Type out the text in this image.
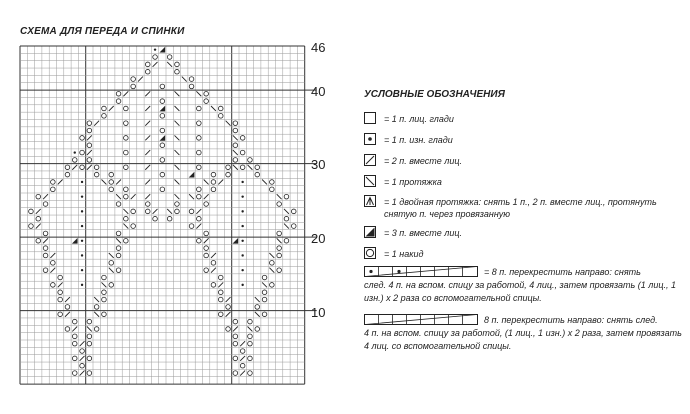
СХЕМА ДЛЯ ПЕРЕДА И СПИНКИ
46
40
30
20
10
УСЛОВНЫЕ ОБОЗНАЧЕНИЯ
= 1 п. лиц. глади
= 1 п. изн. глади
= 2 п. вместе лиц.
= 1 протяжка
= 1 двойная протяжка: снять 1 п., 2 п. вместе лиц., протянуть снятую п. через провязанную
= 3 п. вместе лиц.
= 1 накид
= 8 п. перекрестить направо: снять
след. 4 п. на вспом. спицу за работой, 4 лиц., затем провязать (1 лиц., 1 изн.) х 2 раза со вспомогательной спицы.
8 п. перекрестить направо: снять след.
4 п. на вспом. спицу за работой, (1 лиц., 1 изн.) х 2 раза, затем провязать 4 лиц. со вспомогательной спицы.
